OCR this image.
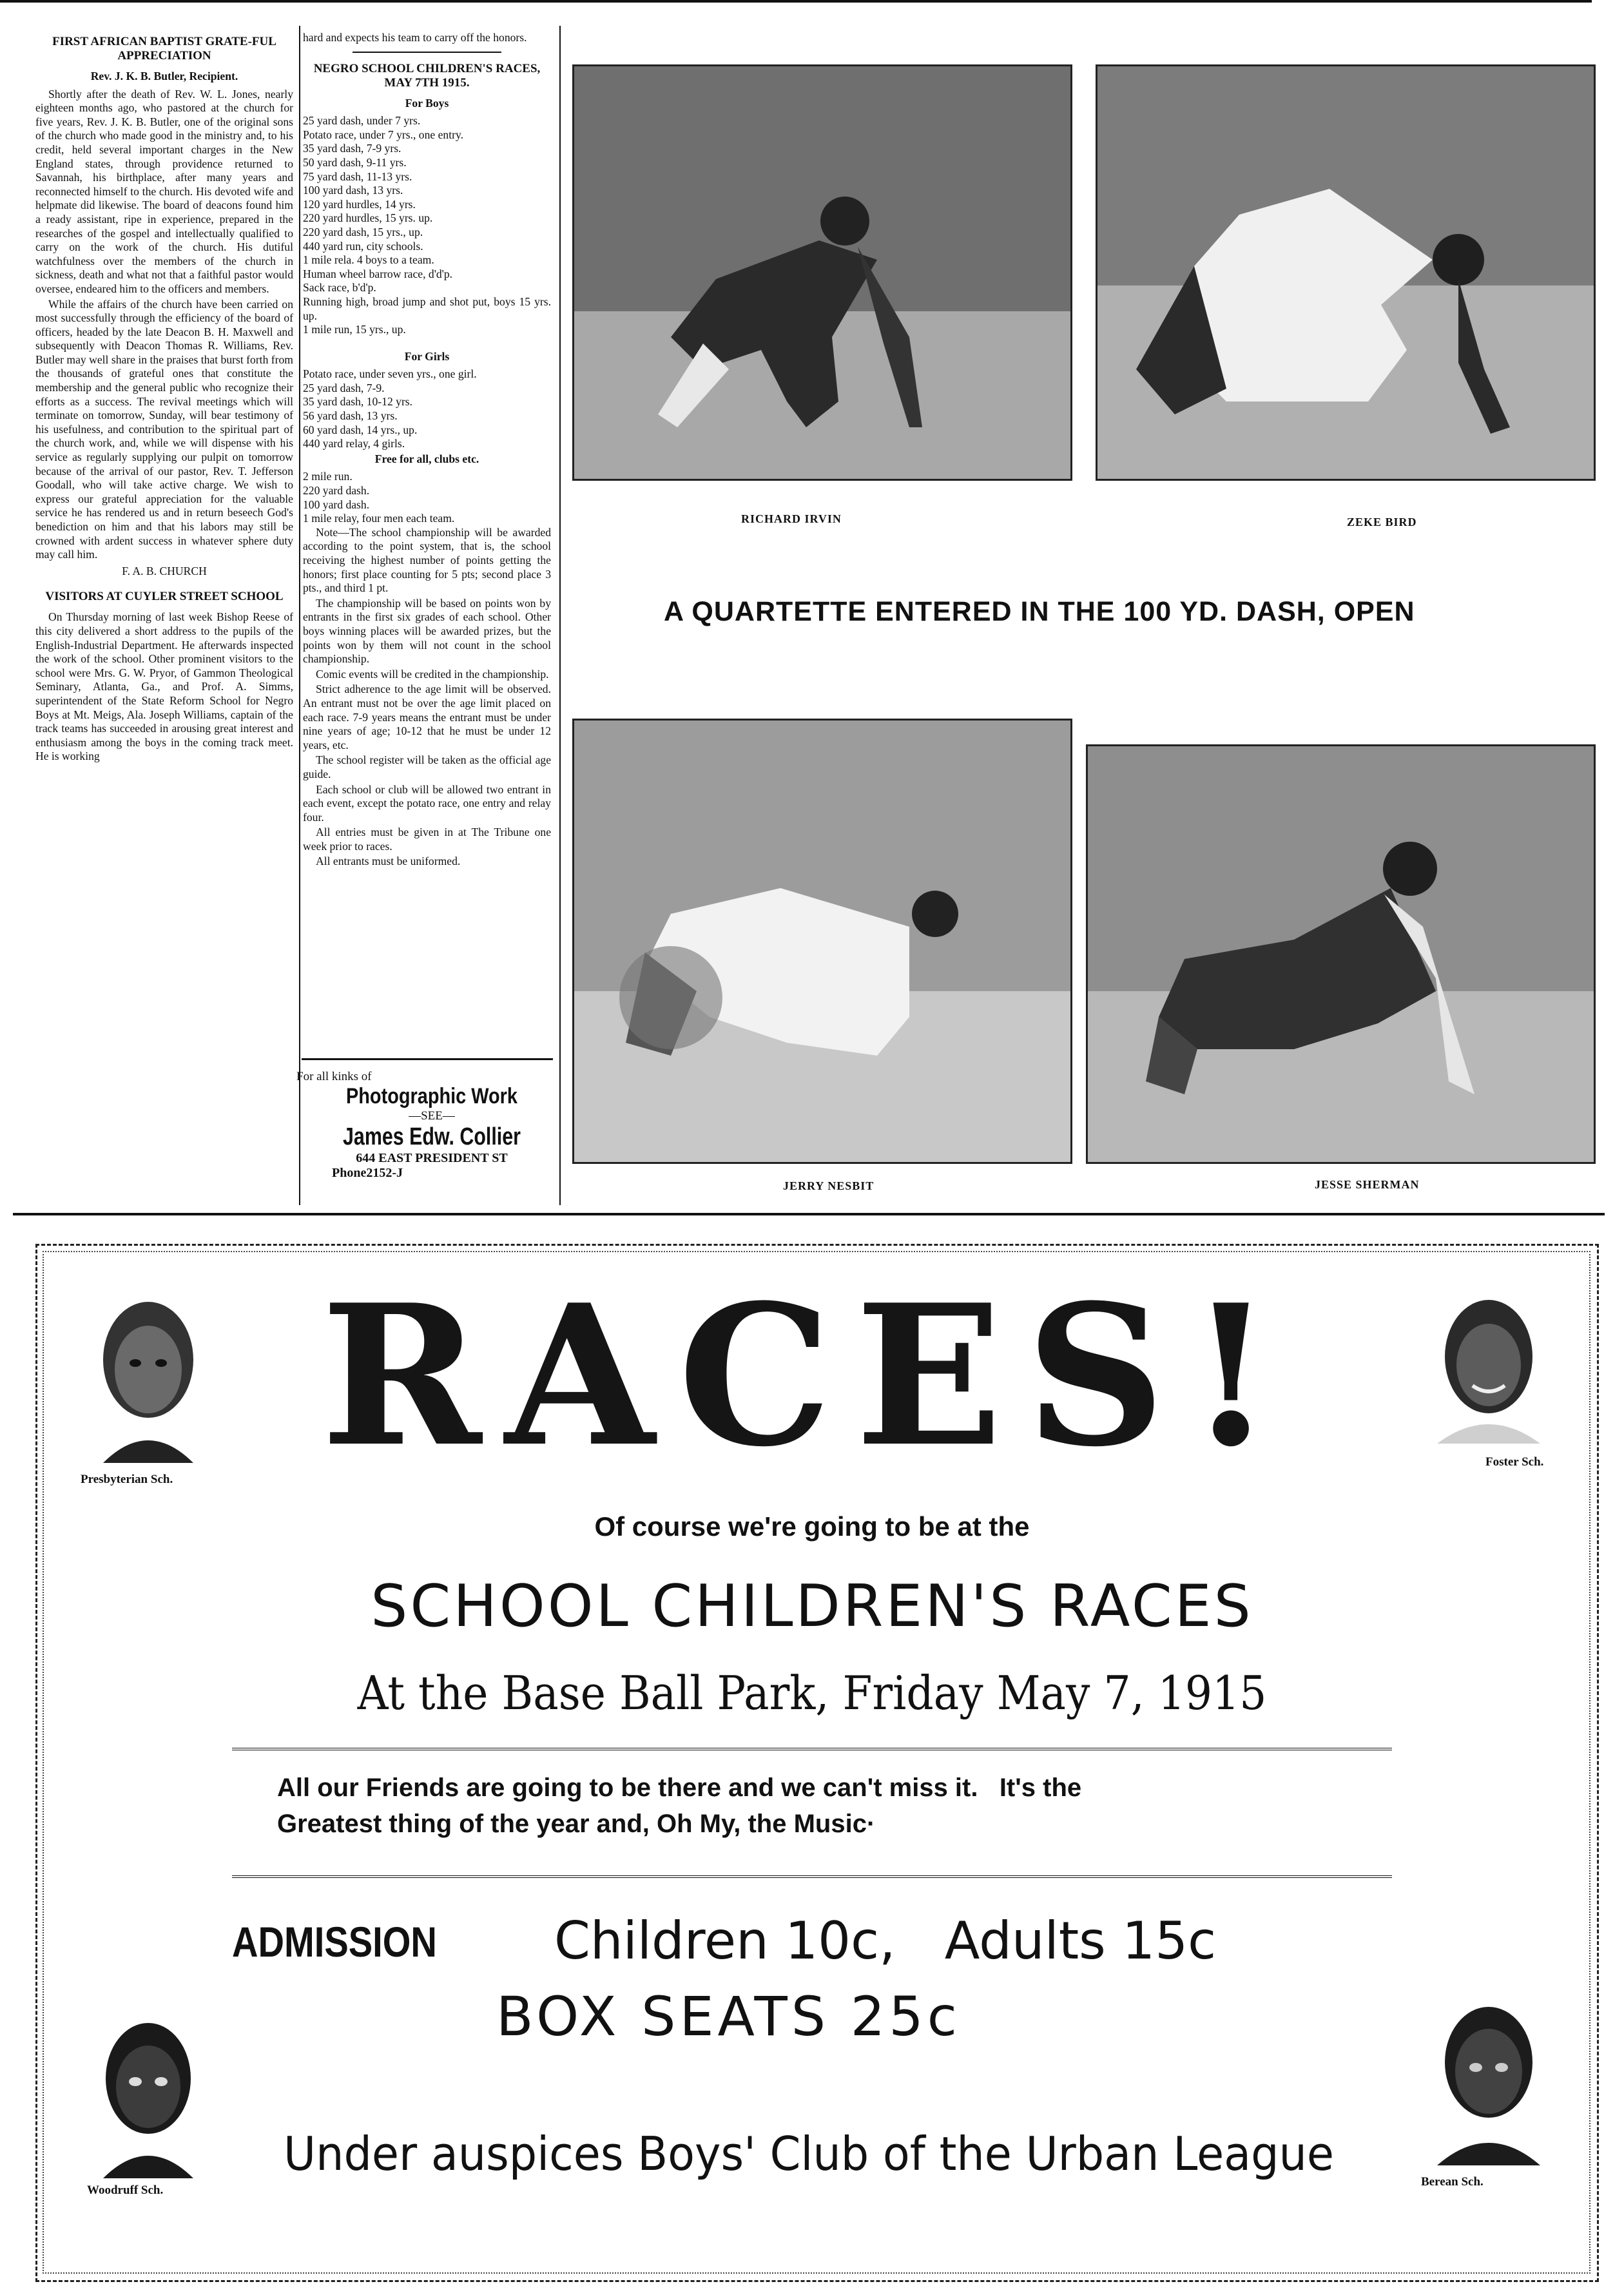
FIRST AFRICAN BAPTIST GRATE-FUL APPRECIATION
Rev. J. K. B. Butler, Recipient.

Shortly after the death of Rev. W. L. Jones, nearly eighteen months ago, who pastored at the church for five years, Rev. J. K. B. Butler, one of the original sons of the church who made good in the ministry and, to his credit, held several important charges in the New England states, through providence returned to Savannah, his birthplace, after many years and reconnected himself to the church. His devoted wife and helpmate did likewise. The board of deacons found him a ready assistant, ripe in experience, prepared in the researches of the gospel and intellectually qualified to carry on the work of the church. His dutiful watchfulness over the members of the church in sickness, death and what not that a faithful pastor would oversee, endeared him to the officers and members.

While the affairs of the church have been carried on most successfully through the efficiency of the board of officers, headed by the late Deacon B. H. Maxwell and subsequently with Deacon Thomas R. Williams, Rev. Butler may well share in the praises that burst forth from the thousands of grateful ones that constitute the membership and the general public who recognize their efforts as a success. The revival meetings which will terminate on tomorrow, Sunday, will bear testimony of his usefulness, and contribution to the spiritual part of the church work, and, while we will dispense with his service as regularly supplying our pulpit on tomorrow because of the arrival of our pastor, Rev. T. Jefferson Goodall, who will take active charge. We wish to express our grateful appreciation for the valuable service he has rendered us and in return beseech God's benediction on him and that his labors may still be crowned with ardent success in whatever sphere duty may call him.

F. A. B. CHURCH
VISITORS AT CUYLER STREET SCHOOL

On Thursday morning of last week Bishop Reese of this city delivered a short address to the pupils of the English-Industrial Department. He afterwards inspected the work of the school. Other prominent visitors to the school were Mrs. G. W. Pryor, of Gammon Theological Seminary, Atlanta, Ga., and Prof. A. Simms, superintendent of the State Reform School for Negro Boys at Mt. Meigs, Ala. Joseph Williams, captain of the track teams has succeeded in arousing great interest and enthusiasm among the boys in the coming track meet. He is working

hard and expects his team to carry off the honors.
NEGRO SCHOOL CHILDREN'S RACES, MAY 7TH 1915.
For Boys
25 yard dash, under 7 yrs.
Potato race, under 7 yrs., one entry.
35 yard dash, 7-9 yrs.
50 yard dash, 9-11 yrs.
75 yard dash, 11-13 yrs.
100 yard dash, 13 yrs.
120 yard hurdles, 14 yrs.
220 yard hurdles, 15 yrs. up.
220 yard dash, 15 yrs., up.
440 yard run, city schools.
1 mile rela. 4 boys to a team.
Human wheel barrow race, d'd'p.
Sack race, b'd'p.
Running high, broad jump and shot put, boys 15 yrs. up.
1 mile run, 15 yrs., up.
For Girls
Potato race, under seven yrs., one girl.
25 yard dash, 7-9.
35 yard dash, 10-12 yrs.
56 yard dash, 13 yrs.
60 yard dash, 14 yrs., up.
440 yard relay, 4 girls.
Free for all, clubs etc.
2 mile run.
220 yard dash.
100 yard dash.
1 mile relay, four men each team.

Note—The school championship will be awarded according to the point system, that is, the school receiving the highest number of points getting the honors; first place counting for 5 pts; second place 3 pts., and third 1 pt.

The championship will be based on points won by entrants in the first six grades of each school. Other boys winning places will be awarded prizes, but the points won by them will not count in the school championship.

Comic events will be credited in the championship.

Strict adherence to the age limit will be observed. An entrant must not be over the age limit placed on each race. 7-9 years means the entrant must be under nine years of age; 10-12 that he must be under 12 years, etc.

The school register will be taken as the official age guide.

Each school or club will be allowed two entrant in each event, except the potato race, one entry and relay four.

All entries must be given in at The Tribune one week prior to races.

All entrants must be uniformed.

For all kinks of
Photographic Work
—SEE—
James Edw. Collier
644 EAST PRESIDENT ST
Phone2152-J
RICHARD IRVIN	ZEKE BIRD
A QUARTETTE ENTERED IN THE 100 YD. DASH, OPEN
JERRY NESBIT	JESSE SHERMAN
RACES!
Presbyterian Sch.
Foster Sch.
Of course we're going to be at the
SCHOOL CHILDREN'S RACES
At the Base Ball Park, Friday May 7, 1915
All our Friends are going to be there and we can't miss it.   It's the
Greatest thing of the year and, Oh My, the Music·
ADMISSION Children 10c,   Adults 15c
BOX SEATS 25c
Woodruff Sch.
Berean Sch.
Under auspices Boys' Club of the Urban League
